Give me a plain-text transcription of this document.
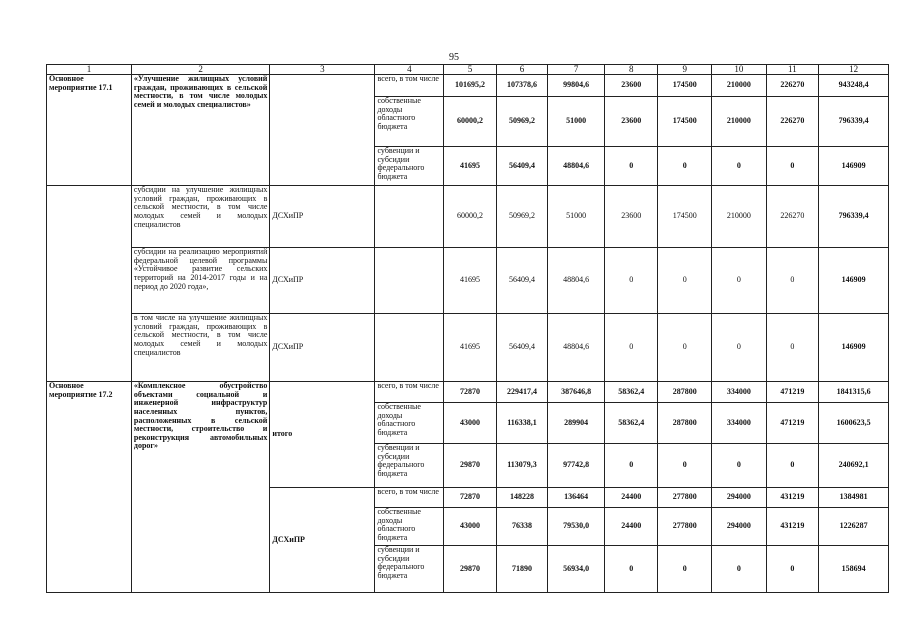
95
1	2	3	4	5	6	7	8	9	10	11	12
Основное мероприятие 17.1	«Улучшение жилищных условий граждан, проживающих в сельской местности, в том числе молодых семей и молодых специалистов»		всего, в том числе	101695,2	107378,6	99804,6	23600	174500	210000	226270	943248,4
			собственные доходы областного бюджета	60000,2	50969,2	51000	23600	174500	210000	226270	796339,4
			субвенции и субсидии федерального бюджета	41695	56409,4	48804,6	0	0	0	0	146909
	субсидии на улучшение жилищных условий граждан, проживающих в сельской местности, в том числе молодых семей и молодых специалистов	ДСХиПР		60000,2	50969,2	51000	23600	174500	210000	226270	796339,4
	субсидии на реализацию мероприятий федеральной целевой программы «Устойчивое развитие сельских территорий на 2014-2017 годы и на период до 2020 года»,	ДСХиПР		41695	56409,4	48804,6	0	0	0	0	146909
	в том числе на улучшение жилищных условий граждан, проживающих в сельской местности, в том числе молодых семей и молодых специалистов	ДСХиПР		41695	56409,4	48804,6	0	0	0	0	146909
Основное мероприятие 17.2	«Комплексное обустройство объектами социальной и инженерной инфраструктур населенных пунктов, расположенных в сельской местности, строительство и реконструкция автомобильных дорог»	итого	всего, в том числе	72870	229417,4	387646,8	58362,4	287800	334000	471219	1841315,6
			собственные доходы областного бюджета	43000	116338,1	289904	58362,4	287800	334000	471219	1600623,5
			субвенции и субсидии федерального бюджета	29870	113079,3	97742,8	0	0	0	0	240692,1
		ДСХиПР	всего, в том числе	72870	148228	136464	24400	277800	294000	431219	1384981
			собственные доходы областного бюджета	43000	76338	79530,0	24400	277800	294000	431219	1226287
			субвенции и субсидии федерального бюджета	29870	71890	56934,0	0	0	0	0	158694
